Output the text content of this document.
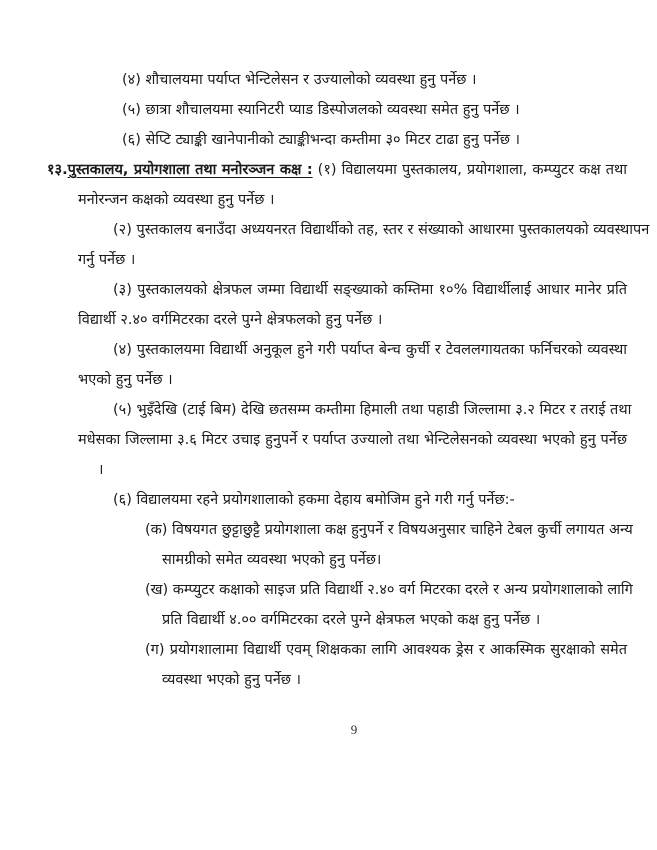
(४) शौचालयमा पर्याप्त भेन्टिलेसन र उज्यालोको व्यवस्था हुनु पर्नेछ ।
(५) छात्रा शौचालयमा स्यानिटरी प्याड डिस्पोजलको व्यवस्था समेत हुनु पर्नेछ ।
(६) सेप्टि ट्याङ्की खानेपानीको ट्याङ्कीभन्दा कम्तीमा ३० मिटर टाढा हुनु पर्नेछ ।
१३.पुस्तकालय, प्रयोगशाला तथा मनोरञ्जन कक्ष : (१) विद्यालयमा पुस्तकालय, प्रयोगशाला, कम्प्युटर कक्ष तथा
मनोरन्जन कक्षको व्यवस्था हुनु पर्नेछ ।
(२) पुस्तकालय बनाउँदा अध्ययनरत विद्यार्थीको तह, स्तर र संख्याको आधारमा पुस्तकालयको व्यवस्थापन
गर्नु पर्नेछ ।
(३) पुस्तकालयको क्षेत्रफल जम्मा विद्यार्थी सङ्ख्याको कम्तिमा १०% विद्यार्थीलाई आधार मानेर प्रति
विद्यार्थी २.४० वर्गमिटरका दरले पुग्ने क्षेत्रफलको हुनु पर्नेछ ।
(४) पुस्तकालयमा विद्यार्थी अनुकूल हुने गरी पर्याप्त बेन्च कुर्ची र टेवललगायतका फर्निचरको व्यवस्था
भएको हुनु पर्नेछ ।
(५) भुइँदेखि (टाई बिम) देखि छतसम्म कम्तीमा हिमाली तथा पहाडी जिल्लामा ३.२ मिटर र तराई तथा
मधेसका जिल्लामा ३.६ मिटर उचाइ हुनुपर्ने र पर्याप्त उज्यालो तथा भेन्टिलेसनको व्यवस्था भएको हुनु पर्नेछ
।
(६) विद्यालयमा रहने प्रयोगशालाको हकमा देहाय बमोजिम हुने गरी गर्नु पर्नेछ:-
(क) विषयगत छुट्टाछुट्टै प्रयोगशाला कक्ष हुनुपर्ने र विषयअनुसार चाहिने टेबल कुर्ची लगायत अन्य
सामग्रीको समेत व्यवस्था भएको हुनु पर्नेछ।
(ख) कम्प्युटर कक्षाको साइज प्रति विद्यार्थी २.४० वर्ग मिटरका दरले र अन्य प्रयोगशालाको लागि
प्रति विद्यार्थी ४.०० वर्गमिटरका दरले पुग्ने क्षेत्रफल भएको कक्ष हुनु पर्नेछ ।
(ग) प्रयोगशालामा विद्यार्थी एवम् शिक्षकका लागि आवश्यक ड्रेस र आकस्मिक सुरक्षाको समेत
व्यवस्था भएको हुनु पर्नेछ ।
9
